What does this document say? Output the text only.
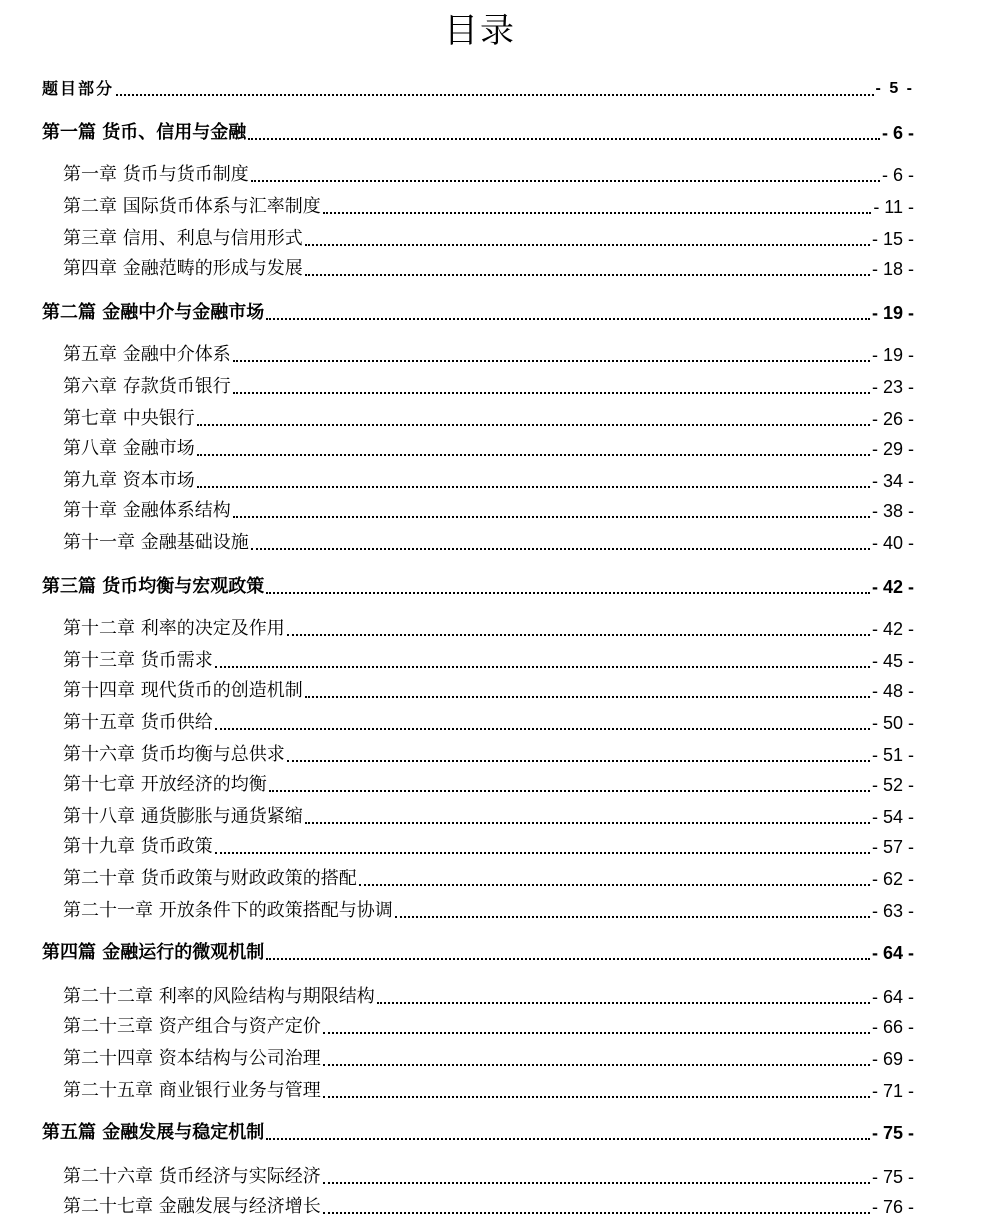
目录
题目部分	- 5 -
第一篇 货币、信用与金融	- 6 -
第一章 货币与货币制度	- 6 -
第二章 国际货币体系与汇率制度	- 11 -
第三章 信用、利息与信用形式	- 15 -
第四章 金融范畴的形成与发展	- 18 -
第二篇 金融中介与金融市场	- 19 -
第五章 金融中介体系	- 19 -
第六章 存款货币银行	- 23 -
第七章 中央银行	- 26 -
第八章 金融市场	- 29 -
第九章 资本市场	- 34 -
第十章 金融体系结构	- 38 -
第十一章 金融基础设施	- 40 -
第三篇 货币均衡与宏观政策	- 42 -
第十二章 利率的决定及作用	- 42 -
第十三章 货币需求	- 45 -
第十四章 现代货币的创造机制	- 48 -
第十五章 货币供给	- 50 -
第十六章 货币均衡与总供求	- 51 -
第十七章 开放经济的均衡	- 52 -
第十八章 通货膨胀与通货紧缩	- 54 -
第十九章 货币政策	- 57 -
第二十章 货币政策与财政政策的搭配	- 62 -
第二十一章 开放条件下的政策搭配与协调	- 63 -
第四篇 金融运行的微观机制	- 64 -
第二十二章 利率的风险结构与期限结构	- 64 -
第二十三章 资产组合与资产定价	- 66 -
第二十四章 资本结构与公司治理	- 69 -
第二十五章 商业银行业务与管理	- 71 -
第五篇 金融发展与稳定机制	- 75 -
第二十六章 货币经济与实际经济	- 75 -
第二十七章 金融发展与经济增长	- 76 -
